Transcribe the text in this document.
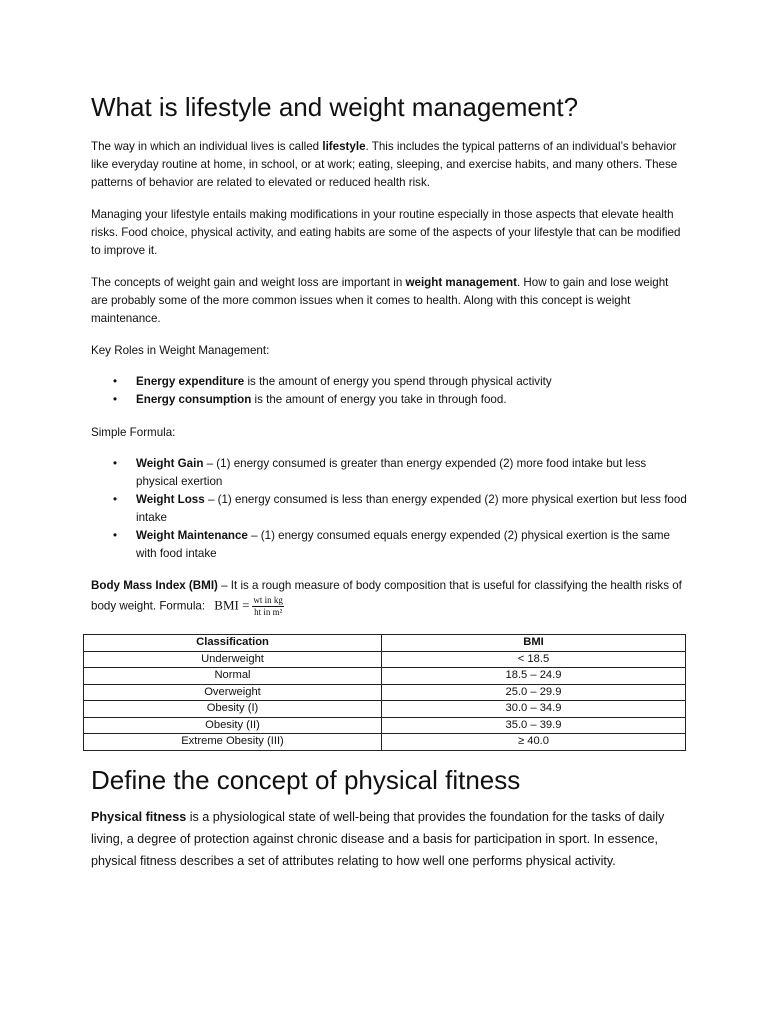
What is lifestyle and weight management?

The way in which an individual lives is called lifestyle. This includes the typical patterns of an individual’s behavior like everyday routine at home, in school, or at work; eating, sleeping, and exercise habits, and many others. These patterns of behavior are related to elevated or reduced health risk.

Managing your lifestyle entails making modifications in your routine especially in those aspects that elevate health risks. Food choice, physical activity, and eating habits are some of the aspects of your lifestyle that can be modified to improve it.

The concepts of weight gain and weight loss are important in weight management. How to gain and lose weight are probably some of the more common issues when it comes to health. Along with this concept is weight maintenance.

Key Roles in Weight Management:

• Energy expenditure is the amount of energy you spend through physical activity
• Energy consumption is the amount of energy you take in through food.

Simple Formula:

• Weight Gain – (1) energy consumed is greater than energy expended (2) more food intake but less physical exertion
• Weight Loss – (1) energy consumed is less than energy expended (2) more physical exertion but less food intake
• Weight Maintenance – (1) energy consumed equals energy expended (2) physical exertion is the same with food intake

Body Mass Index (BMI) – It is a rough measure of body composition that is useful for classifying the health risks of body weight. Formula: BMI = $\frac{\text{wt in kg}}{\text{ht in m²}}$

Classification	BMI
Underweight	< 18.5
Normal	18.5 – 24.9
Overweight	25.0 – 29.9
Obesity (I)	30.0 – 34.9
Obesity (II)	35.0 – 39.9
Extreme Obesity (III)	≥ 40.0
Define the concept of physical fitness

Physical fitness is a physiological state of well-being that provides the foundation for the tasks of daily living, a degree of protection against chronic disease and a basis for participation in sport. In essence, physical fitness describes a set of attributes relating to how well one performs physical activity.
